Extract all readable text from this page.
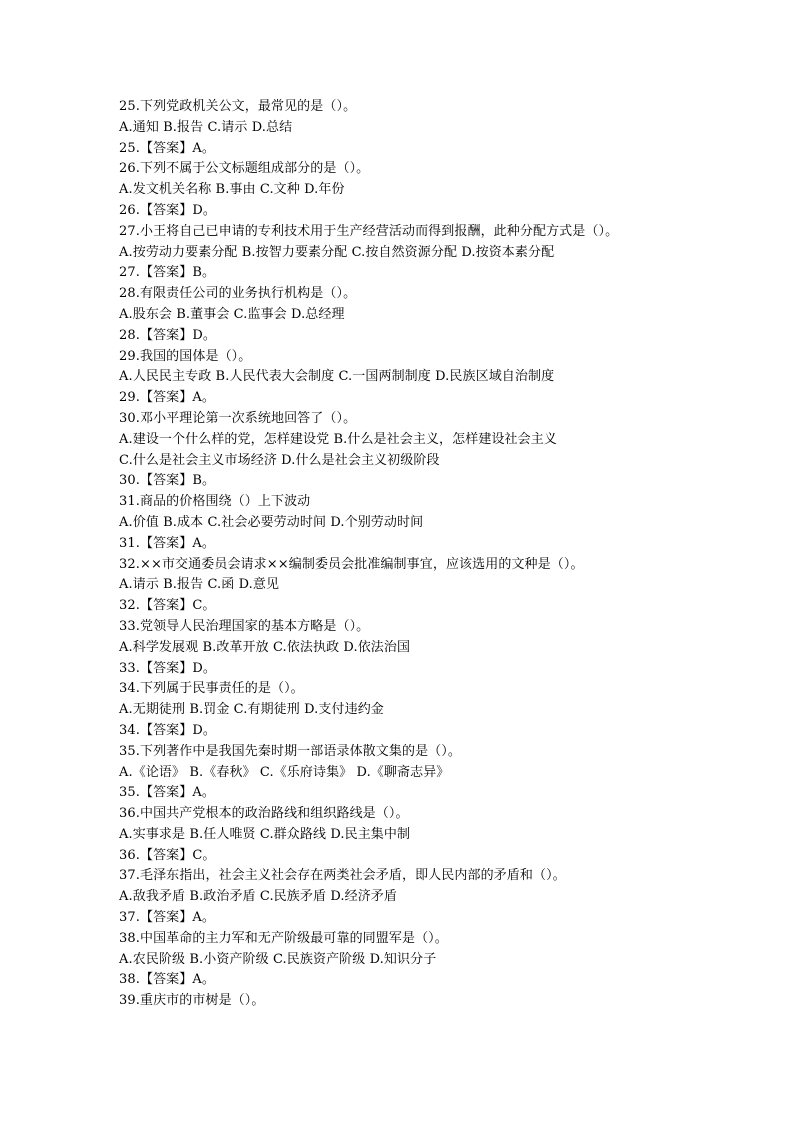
25.下列党政机关公文，最常见的是（）。
A.通知 B.报告 C.请示 D.总结
25.【答案】A。
26.下列不属于公文标题组成部分的是（）。
A.发文机关名称 B.事由 C.文种 D.年份
26.【答案】D。
27.小王将自己已申请的专利技术用于生产经营活动而得到报酬，此种分配方式是（）。
A.按劳动力要素分配 B.按智力要素分配 C.按自然资源分配 D.按资本素分配
27.【答案】B。
28.有限责任公司的业务执行机构是（）。
A.股东会 B.董事会 C.监事会 D.总经理
28.【答案】D。
29.我国的国体是（）。
A.人民民主专政 B.人民代表大会制度 C.一国两制制度 D.民族区域自治制度
29.【答案】A。
30.邓小平理论第一次系统地回答了（）。
A.建设一个什么样的党，怎样建设党 B.什么是社会主义，怎样建设社会主义
C.什么是社会主义市场经济 D.什么是社会主义初级阶段
30.【答案】B。
31.商品的价格围绕（）上下波动
A.价值 B.成本 C.社会必要劳动时间 D.个别劳动时间
31.【答案】A。
32.××市交通委员会请求××编制委员会批准编制事宜，应该选用的文种是（）。
A.请示 B.报告 C.函 D.意见
32.【答案】C。
33.党领导人民治理国家的基本方略是（）。
A.科学发展观 B.改革开放 C.依法执政 D.依法治国
33.【答案】D。
34.下列属于民事责任的是（）。
A.无期徒刑 B.罚金 C.有期徒刑 D.支付违约金
34.【答案】D。
35.下列著作中是我国先秦时期一部语录体散文集的是（）。
A.《论语》 B.《春秋》 C.《乐府诗集》 D.《聊斋志异》
35.【答案】A。
36.中国共产党根本的政治路线和组织路线是（）。
A.实事求是 B.任人唯贤 C.群众路线 D.民主集中制
36.【答案】C。
37.毛泽东指出，社会主义社会存在两类社会矛盾，即人民内部的矛盾和（）。
A.敌我矛盾 B.政治矛盾 C.民族矛盾 D.经济矛盾
37.【答案】A。
38.中国革命的主力军和无产阶级最可靠的同盟军是（）。
A.农民阶级 B.小资产阶级 C.民族资产阶级 D.知识分子
38.【答案】A。
39.重庆市的市树是（）。
